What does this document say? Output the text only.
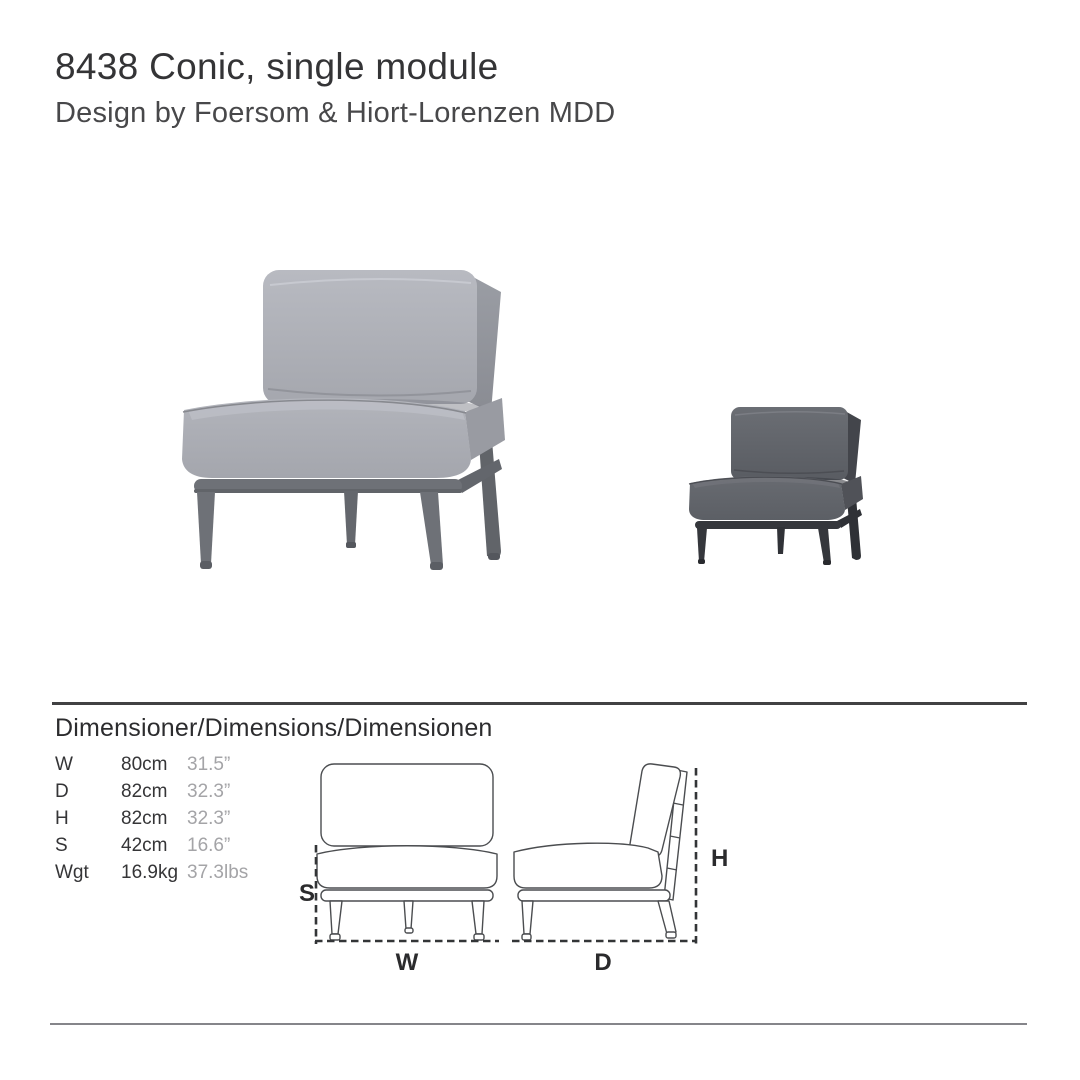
8438 Conic, single module

Design by Foersom & Hiort-Lorenzen MDD

Dimensioner/Dimensions/Dimensionen
W	80cm	31.5”
D	82cm	32.3”
H	82cm	32.3”
S	42cm	16.6”
Wgt	16.9kg 37.3lbs
S
W	D
H
